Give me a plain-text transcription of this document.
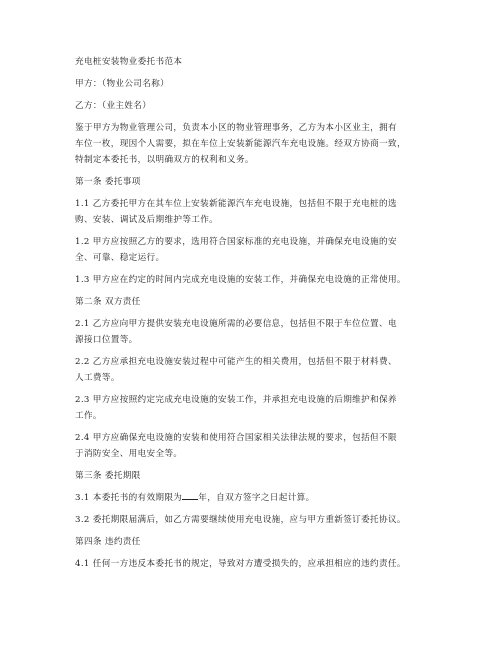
充电桩安装物业委托书范本

甲方：（物业公司名称）

乙方：（业主姓名）

鉴于甲方为物业管理公司，负责本小区的物业管理事务，乙方为本小区业主，拥有

车位一枚，现因个人需要，拟在车位上安装新能源汽车充电设施。经双方协商一致，

特制定本委托书，以明确双方的权利和义务。

第一条 委托事项

1.1 乙方委托甲方在其车位上安装新能源汽车充电设施，包括但不限于充电桩的选

购、安装、调试及后期维护等工作。

1.2 甲方应按照乙方的要求，选用符合国家标准的充电设施，并确保充电设施的安

全、可靠、稳定运行。

1.3 甲方应在约定的时间内完成充电设施的安装工作，并确保充电设施的正常使用。

第二条 双方责任

2.1 乙方应向甲方提供安装充电设施所需的必要信息，包括但不限于车位位置、电

源接口位置等。

2.2 乙方应承担充电设施安装过程中可能产生的相关费用，包括但不限于材料费、

人工费等。

2.3 甲方应按照约定完成充电设施的安装工作，并承担充电设施的后期维护和保养

工作。

2.4 甲方应确保充电设施的安装和使用符合国家相关法律法规的要求，包括但不限

于消防安全、用电安全等。

第三条 委托期限

3.1 本委托书的有效期限为 年，自双方签字之日起计算。

3.2 委托期限届满后，如乙方需要继续使用充电设施，应与甲方重新签订委托协议。

第四条 违约责任

4.1 任何一方违反本委托书的规定，导致对方遭受损失的，应承担相应的违约责任。
